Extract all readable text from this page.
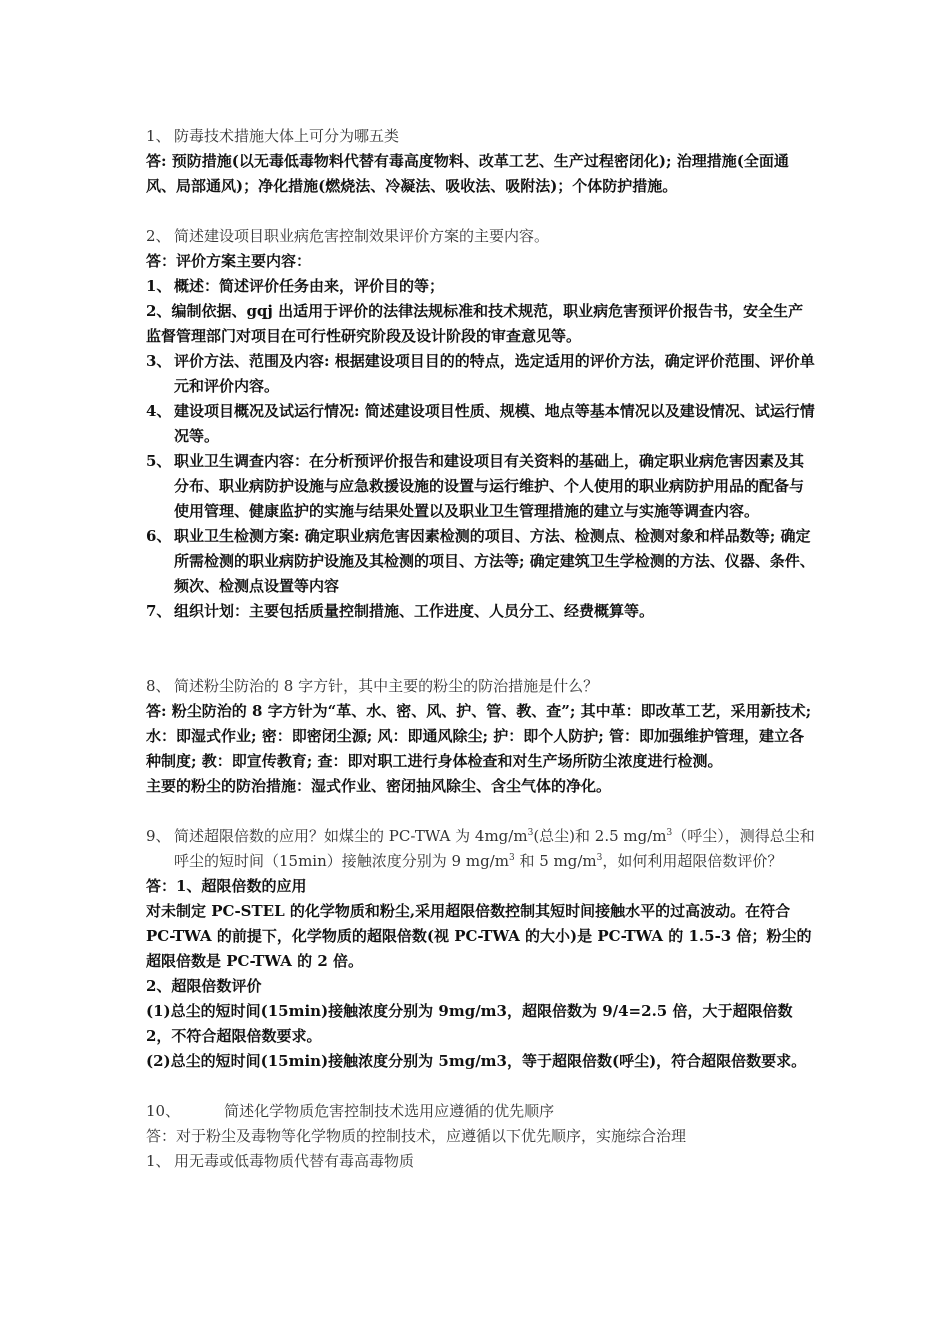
1、 防毒技术措施大体上可分为哪五类

答: 预防措施(以无毒低毒物料代替有毒高度物料、改革工艺、生产过程密闭化); 治理措施(全面通风、局部通风)；净化措施(燃烧法、冷凝法、吸收法、吸附法)；个体防护措施。

2、 简述建设项目职业病危害控制效果评价方案的主要内容。

答：评价方案主要内容：

1、 概述：简述评价任务由来，评价目的等；

2、编制依据、gqj 出适用于评价的法律法规标准和技术规范，职业病危害预评价报告书，安全生产监督管理部门对项目在可行性研究阶段及设计阶段的审查意见等。

3、 评价方法、范围及内容: 根据建设项目目的的特点，选定适用的评价方法，确定评价范围、评价单元和评价内容。
4、 建设项目概况及试运行情况: 简述建设项目性质、规模、地点等基本情况以及建设情况、试运行情况等。
5、 职业卫生调查内容：在分析预评价报告和建设项目有关资料的基础上，确定职业病危害因素及其分布、职业病防护设施与应急救援设施的设置与运行维护、个人使用的职业病防护用品的配备与使用管理、健康监护的实施与结果处置以及职业卫生管理措施的建立与实施等调查内容。
6、 职业卫生检测方案: 确定职业病危害因素检测的项目、方法、检测点、检测对象和样品数等; 确定所需检测的职业病防护设施及其检测的项目、方法等; 确定建筑卫生学检测的方法、仪器、条件、频次、检测点设置等内容
7、 组织计划：主要包括质量控制措施、工作进度、人员分工、经费概算等。
8、 简述粉尘防治的 8 字方针，其中主要的粉尘的防治措施是什么？

答: 粉尘防治的 8 字方针为“革、水、密、风、护、管、教、查”; 其中革：即改革工艺，采用新技术; 水：即湿式作业; 密：即密闭尘源; 风：即通风除尘; 护：即个人防护; 管：即加强维护管理，建立各种制度; 教：即宣传教育; 查：即对职工进行身体检查和对生产场所防尘浓度进行检测。

主要的粉尘的防治措施：湿式作业、密闭抽风除尘、含尘气体的净化。

9、 简述超限倍数的应用？如煤尘的 PC-TWA 为 $4mg/m^3$(总尘)和 2.5 $mg/m^3$（呼尘），测得总尘和呼尘的短时间（15min）接触浓度分别为 9 $mg/m^3$ 和 5 $mg/m^3$，如何利用超限倍数评价？

答：1、超限倍数的应用

对未制定 PC-STEL 的化学物质和粉尘,采用超限倍数控制其短时间接触水平的过高波动。在符合 PC-TWA 的前提下，化学物质的超限倍数(视 PC-TWA 的大小)是 PC-TWA 的 1.5-3 倍；粉尘的超限倍数是 PC-TWA 的 2 倍。

2、超限倍数评价

(1)总尘的短时间(15min)接触浓度分别为 9mg/m3，超限倍数为 9/4=2.5 倍，大于超限倍数 2，不符合超限倍数要求。

(2)总尘的短时间(15min)接触浓度分别为 5mg/m3，等于超限倍数(呼尘)，符合超限倍数要求。

10、	简述化学物质危害控制技术选用应遵循的优先顺序

答：对于粉尘及毒物等化学物质的控制技术，应遵循以下优先顺序，实施综合治理

1、 用无毒或低毒物质代替有毒高毒物质
